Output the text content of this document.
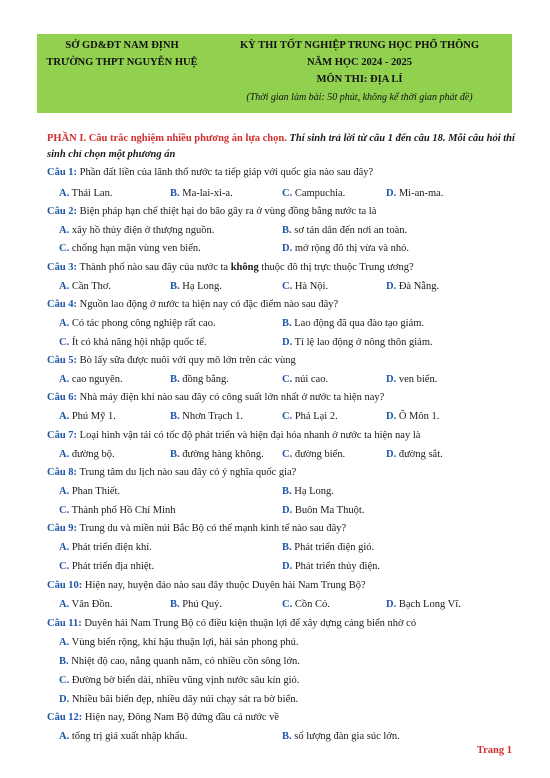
SỞ GD&ĐT NAM ĐỊNH
TRƯỜNG THPT NGUYỄN HUỆ
KỲ THI TỐT NGHIỆP TRUNG HỌC PHỔ THÔNG
NĂM HỌC 2024 - 2025
MÔN THI: ĐỊA LÍ
(Thời gian làm bài: 50 phút, không kể thời gian phát đề)
PHẦN I. Câu trắc nghiệm nhiều phương án lựa chọn. Thí sinh trả lời từ câu 1 đến câu 18. Mỗi câu hỏi thí sinh chỉ chọn một phương án
Câu 1: Phần đất liền của lãnh thổ nước ta tiếp giáp với quốc gia nào sau đây?
A. Thái Lan.	B. Ma-lai-xi-a.	C. Campuchia.	D. Mi-an-ma.
Câu 2: Biện pháp hạn chế thiệt hại do bão gây ra ở vùng đồng bằng nước ta là
A. xây hồ thủy điện ở thượng nguồn.	B. sơ tán dân đến nơi an toàn.
C. chống hạn mặn vùng ven biển.	D. mở rộng đô thị vừa và nhỏ.
Câu 3: Thành phố nào sau đây của nước ta không thuộc đô thị trực thuộc Trung ương?
A. Cần Thơ.	B. Hạ Long.	C. Hà Nội.	D. Đà Nẵng.
Câu 4: Nguồn lao động ở nước ta hiện nay có đặc điểm nào sau đây?
A. Có tác phong công nghiệp rất cao.	B. Lao động đã qua đào tạo giảm.
C. Ít có khả năng hội nhập quốc tế.	D. Tỉ lệ lao động ở nông thôn giảm.
Câu 5: Bò lấy sữa được nuôi với quy mô lớn trên các vùng
A. cao nguyên.	B. đồng bằng.	C. núi cao.	D. ven biển.
Câu 6: Nhà máy điện khí nào sau đây có công suất lớn nhất ở nước ta hiện nay?
A. Phú Mỹ 1.	B. Nhơn Trạch 1.	C. Phả Lại 2.	D. Ô Môn 1.
Câu 7: Loại hình vận tải có tốc độ phát triển và hiện đại hóa nhanh ở nước ta hiện nay là
A. đường bộ.	B. đường hàng không. C. đường biển.	D. đường sắt.
Câu 8: Trung tâm du lịch nào sau đây có ý nghĩa quốc gia?
A. Phan Thiết.	B. Hạ Long.
C. Thành phố Hồ Chí Minh	D. Buôn Ma Thuột.
Câu 9: Trung du và miền núi Bắc Bộ có thế mạnh kinh tế nào sau đây?
A. Phát triển điện khí.	B. Phát triển điện gió.
C. Phát triển địa nhiệt.	D. Phát triển thủy điện.
Câu 10: Hiện nay, huyện đảo nào sau đây thuộc Duyên hải Nam Trung Bộ?
A. Vân Đồn.	B. Phú Quý.	C. Cồn Cỏ.	D. Bạch Long Vĩ.
Câu 11: Duyên hải Nam Trung Bộ có điều kiện thuận lợi để xây dựng cảng biển nhờ có
A. Vùng biển rộng, khí hậu thuận lợi, hải sản phong phú.
B. Nhiệt độ cao, nắng quanh năm, có nhiều cồn sông lớn.
C. Đường bờ biển dài, nhiều vũng vịnh nước sâu kín gió.
D. Nhiều bãi biển đẹp, nhiều dãy núi chạy sát ra bờ biển.
Câu 12: Hiện nay, Đông Nam Bộ đứng đầu cả nước về
A. tổng trị giá xuất nhập khẩu.	B. số lượng đàn gia súc lớn.
Trang 1
